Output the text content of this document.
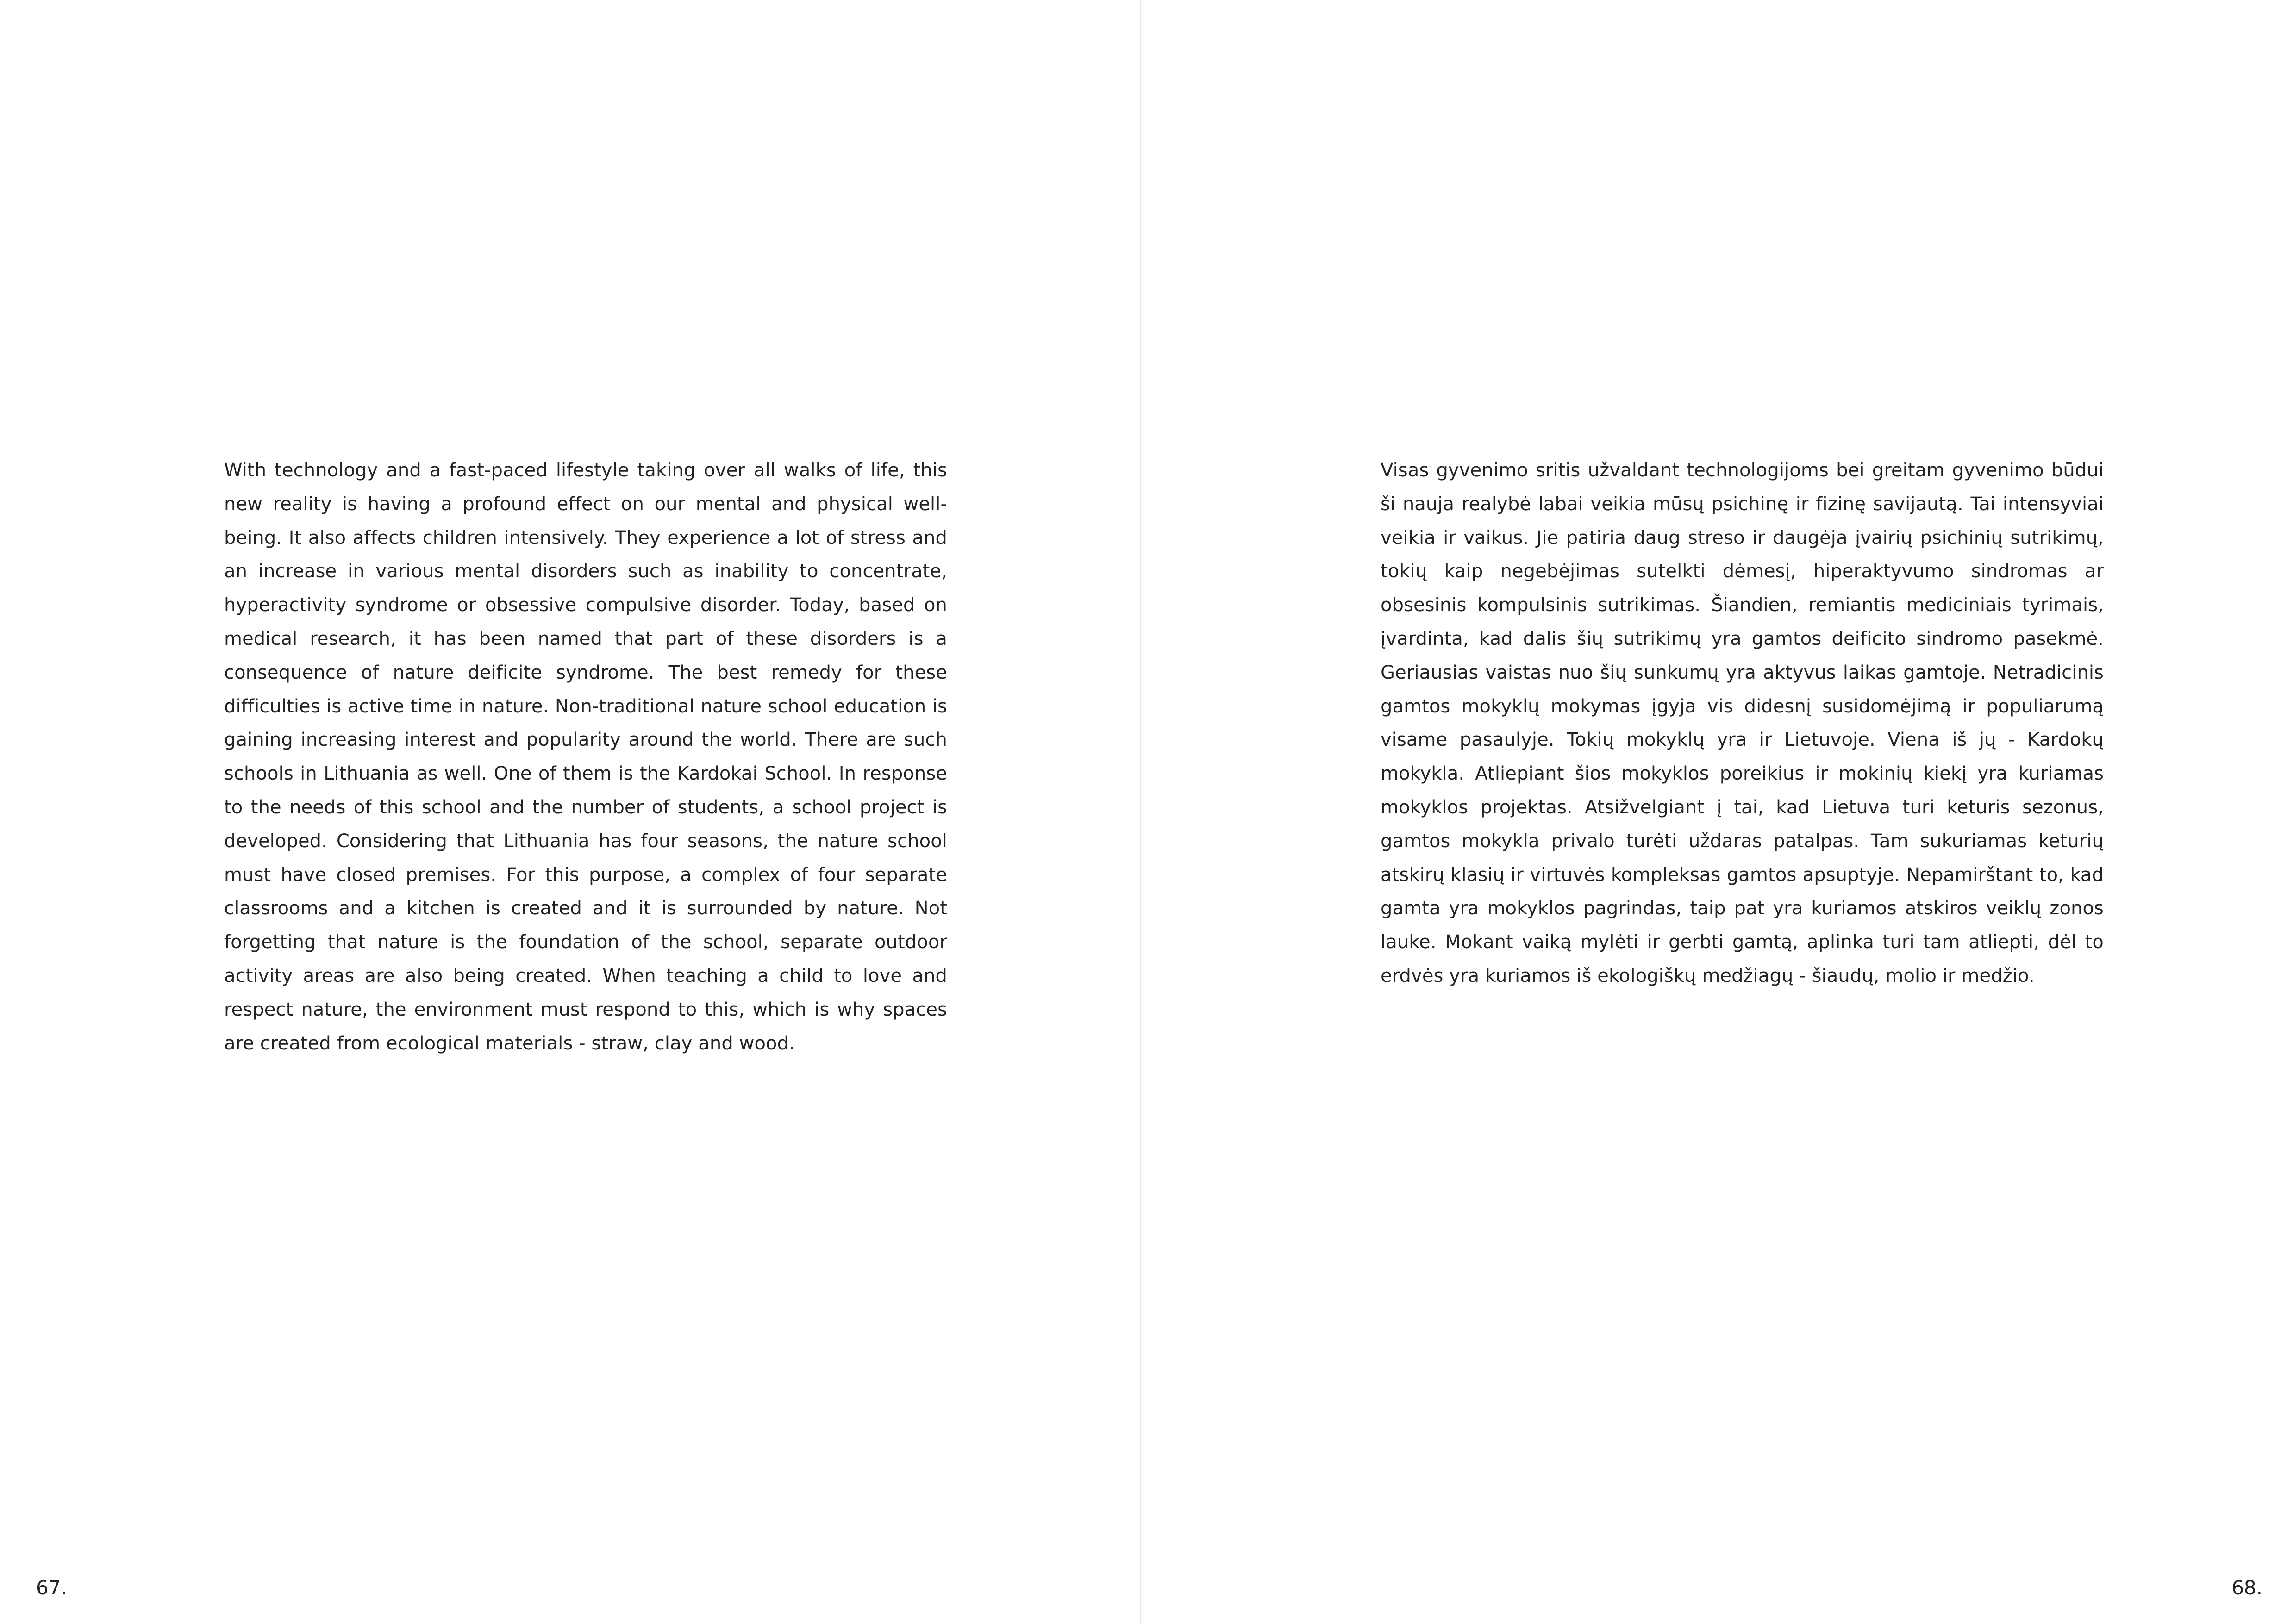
With technology and a fast-paced lifestyle taking over all walks of life, this new reality is having a profound effect on our mental and physical well-being. It also affects children intensively. They experience a lot of stress and an increase in various mental disorders such as inability to concentrate, hyperactivity syndrome or obsessive compulsive disorder. Today, based on medical research, it has been named that part of these disorders is a consequence of nature deificite syndrome. The best remedy for these difficulties is active time in nature. Non-traditional nature school education is gaining increasing interest and popularity around the world. There are such schools in Lithuania as well. One of them is the Kardokai School. In response to the needs of this school and the number of students, a school project is developed. Considering that Lithuania has four seasons, the nature school must have closed premises. For this purpose, a complex of four separate classrooms and a kitchen is created and it is surrounded by nature. Not forgetting that nature is the foundation of the school, separate outdoor activity areas are also being created. When teaching a child to love and respect nature, the environment must respond to this, which is why spaces are created from ecological materials - straw, clay and wood.

67.

Visas gyvenimo sritis užvaldant technologijoms bei greitam gyvenimo būdui ši nauja realybė labai veikia mūsų psichinę ir fizinę savijautą. Tai intensyviai veikia ir vaikus. Jie patiria daug streso ir daugėja įvairių psichinių sutrikimų, tokių kaip negebėjimas sutelkti dėmesį, hiperaktyvumo sindromas ar obsesinis kompulsinis sutrikimas. Šiandien, remiantis mediciniais tyrimais, įvardinta, kad dalis šių sutrikimų yra gamtos deificito sindromo pasekmė. Geriausias vaistas nuo šių sunkumų yra aktyvus laikas gamtoje. Netradicinis gamtos mokyklų mokymas įgyja vis didesnį susidomėjimą ir populiarumą visame pasaulyje. Tokių mokyklų yra ir Lietuvoje. Viena iš jų - Kardokų mokykla. Atliepiant šios mokyklos poreikius ir mokinių kiekį yra kuriamas mokyklos projektas. Atsižvelgiant į tai, kad Lietuva turi keturis sezonus, gamtos mokykla privalo turėti uždaras patalpas. Tam sukuriamas keturių atskirų klasių ir virtuvės kompleksas gamtos apsuptyje. Nepamirštant to, kad gamta yra mokyklos pagrindas, taip pat yra kuriamos atskiros veiklų zonos lauke. Mokant vaiką mylėti ir gerbti gamtą, aplinka turi tam atliepti, dėl to erdvės yra kuriamos iš ekologiškų medžiagų - šiaudų, molio ir medžio.

68.
